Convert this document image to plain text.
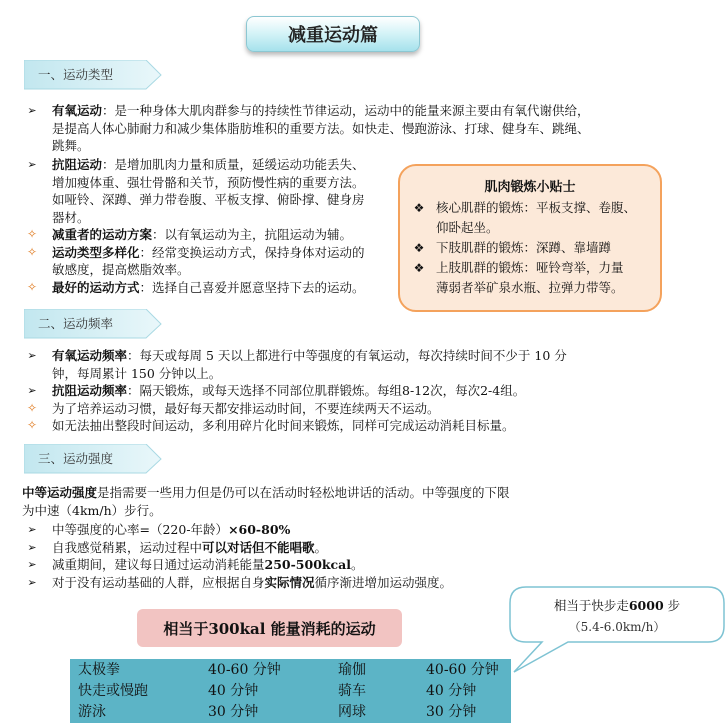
减重运动篇
一、运动类型
➢	有氧运动：是一种身体大肌肉群参与的持续性节律运动，运动中的能量来源主要由有氧代谢供给，
是提高人体心肺耐力和减少集体脂肪堆积的重要方法。如快走、慢跑游泳、打球、健身车、跳绳、
跳舞。
➢	抗阻运动：是增加肌肉力量和质量，延缓运动功能丢失、
增加瘦体重、强壮骨骼和关节，预防慢性病的重要方法。
如哑铃、深蹲、弹力带卷腹、平板支撑、俯卧撑、健身房
器材。
✧	减重者的运动方案：以有氧运动为主，抗阻运动为辅。
✧	运动类型多样化：经常变换运动方式，保持身体对运动的
敏感度，提高燃脂效率。
✧	最好的运动方式：选择自己喜爱并愿意坚持下去的运动。
肌肉锻炼小贴士
❖ 核心肌群的锻炼：平板支撑、卷腹、
仰卧起坐。
❖ 下肢肌群的锻炼：深蹲、靠墙蹲
❖ 上肢肌群的锻炼：哑铃弯举，力量
薄弱者举矿泉水瓶、拉弹力带等。
二、运动频率
➢	有氧运动频率：每天或每周 5 天以上都进行中等强度的有氧运动，每次持续时间不少于 10 分
钟，每周累计 150 分钟以上。
➢	抗阻运动频率：隔天锻炼，或每天选择不同部位肌群锻炼。每组8-12次，每次2-4组。
✧	为了培养运动习惯，最好每天都安排运动时间，不要连续两天不运动。
✧	如无法抽出整段时间运动，多利用碎片化时间来锻炼，同样可完成运动消耗目标量。
三、运动强度
中等运动强度是指需要一些用力但是仍可以在活动时轻松地讲话的活动。中等强度的下限
为中速（4km/h）步行。
➢	中等强度的心率=（220-年龄）×60-80%
➢	自我感觉稍累，运动过程中可以对话但不能唱歌。
➢	减重期间，建议每日通过运动消耗能量250-500kcal。
➢	对于没有运动基础的人群，应根据自身实际情况循序渐进增加运动强度。
相当于300kal 能量消耗的运动
相当于快步走6000 步
（5.4-6.0km/h）
太极拳	40-60 分钟	瑜伽	40-60 分钟
快走或慢跑	40 分钟	骑车	40 分钟
游泳	30 分钟	网球	30 分钟
